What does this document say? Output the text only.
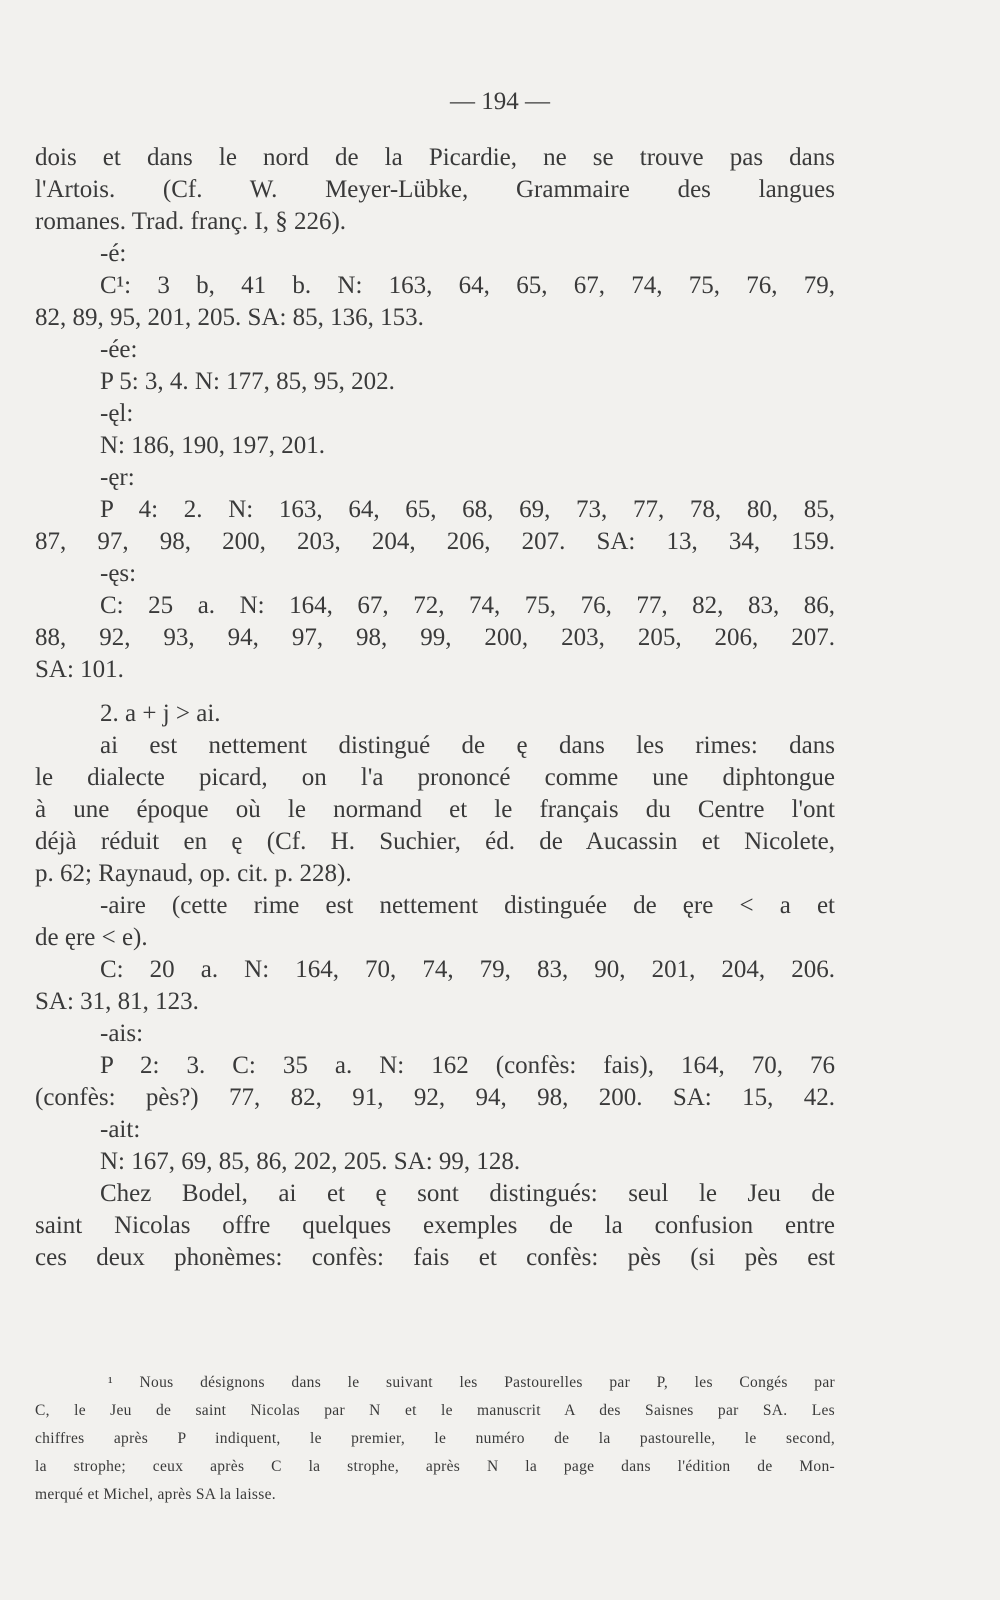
— 194 —
dois et dans le nord de la Picardie, ne se trouve pas dans
l'Artois. (Cf. W. Meyer-Lübke, Grammaire des langues
romanes. Trad. franç. I, § 226).
-é:
C¹: 3 b, 41 b. N: 163, 64, 65, 67, 74, 75, 76, 79,
82, 89, 95, 201, 205. SA: 85, 136, 153.
-ée:
P 5: 3, 4. N: 177, 85, 95, 202.
-ęl:
N: 186, 190, 197, 201.
-ęr:
P 4: 2. N: 163, 64, 65, 68, 69, 73, 77, 78, 80, 85,
87, 97, 98, 200, 203, 204, 206, 207. SA: 13, 34, 159.
-ęs:
C: 25 a. N: 164, 67, 72, 74, 75, 76, 77, 82, 83, 86,
88, 92, 93, 94, 97, 98, 99, 200, 203, 205, 206, 207.
SA: 101.
2. a + j > ai.
ai est nettement distingué de ę dans les rimes: dans
le dialecte picard, on l'a prononcé comme une diphtongue
à une époque où le normand et le français du Centre l'ont
déjà réduit en ę (Cf. H. Suchier, éd. de Aucassin et Nicolete,
p. 62; Raynaud, op. cit. p. 228).
-aire (cette rime est nettement distinguée de ęre < a et
de ęre < e).
C: 20 a. N: 164, 70, 74, 79, 83, 90, 201, 204, 206.
SA: 31, 81, 123.
-ais:
P 2: 3. C: 35 a. N: 162 (confès: fais), 164, 70, 76
(confès: pès?) 77, 82, 91, 92, 94, 98, 200. SA: 15, 42.
-ait:
N: 167, 69, 85, 86, 202, 205. SA: 99, 128.
Chez Bodel, ai et ę sont distingués: seul le Jeu de
saint Nicolas offre quelques exemples de la confusion entre
ces deux phonèmes: confès: fais et confès: pès (si pès est
¹ Nous désignons dans le suivant les Pastourelles par P, les Congés par
C, le Jeu de saint Nicolas par N et le manuscrit A des Saisnes par SA. Les
chiffres après P indiquent, le premier, le numéro de la pastourelle, le second,
la strophe; ceux après C la strophe, après N la page dans l'édition de Mon-
merqué et Michel, après SA la laisse.
